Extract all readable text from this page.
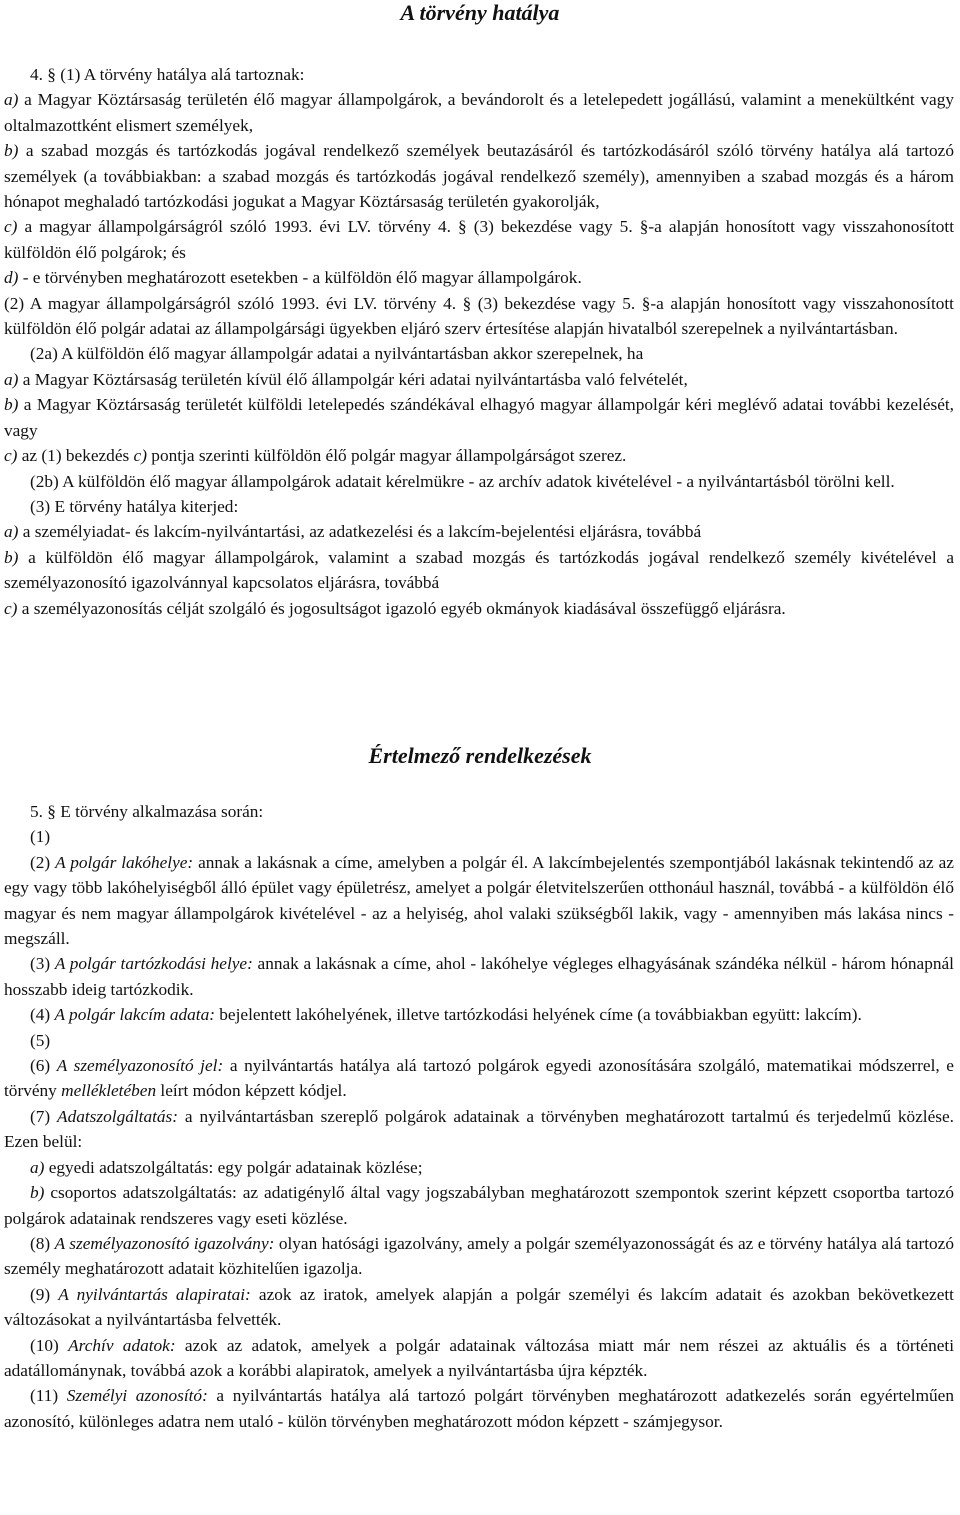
A törvény hatálya

4. § (1) A törvény hatálya alá tartoznak:

a) a Magyar Köztársaság területén élő magyar állampolgárok, a bevándorolt és a letelepedett jogállású, valamint a menekültként vagy oltalmazottként elismert személyek,

b) a szabad mozgás és tartózkodás jogával rendelkező személyek beutazásáról és tartózkodásáról szóló törvény hatálya alá tartozó személyek (a továbbiakban: a szabad mozgás és tartózkodás jogával rendelkező személy), amennyiben a szabad mozgás és a három hónapot meghaladó tartózkodási jogukat a Magyar Köztársaság területén gyakorolják,

c) a magyar állampolgárságról szóló 1993. évi LV. törvény 4. § (3) bekezdése vagy 5. §-a alapján honosított vagy visszahonosított külföldön élő polgárok; és

d) - e törvényben meghatározott esetekben - a külföldön élő magyar állampolgárok.

(2) A magyar állampolgárságról szóló 1993. évi LV. törvény 4. § (3) bekezdése vagy 5. §-a alapján honosított vagy visszahonosított külföldön élő polgár adatai az állampolgársági ügyekben eljáró szerv értesítése alapján hivatalból szerepelnek a nyilvántartásban.

(2a) A külföldön élő magyar állampolgár adatai a nyilvántartásban akkor szerepelnek, ha

a) a Magyar Köztársaság területén kívül élő állampolgár kéri adatai nyilvántartásba való felvételét,

b) a Magyar Köztársaság területét külföldi letelepedés szándékával elhagyó magyar állampolgár kéri meglévő adatai további kezelését, vagy

c) az (1) bekezdés c) pontja szerinti külföldön élő polgár magyar állampolgárságot szerez.

(2b) A külföldön élő magyar állampolgárok adatait kérelmükre - az archív adatok kivételével - a nyilvántartásból törölni kell.

(3) E törvény hatálya kiterjed:

a) a személyiadat- és lakcím-nyilvántartási, az adatkezelési és a lakcím-bejelentési eljárásra, továbbá

b) a külföldön élő magyar állampolgárok, valamint a szabad mozgás és tartózkodás jogával rendelkező személy kivételével a személyazonosító igazolvánnyal kapcsolatos eljárásra, továbbá

c) a személyazonosítás célját szolgáló és jogosultságot igazoló egyéb okmányok kiadásával összefüggő eljárásra.

Értelmező rendelkezések

5. § E törvény alkalmazása során:

(1)

(2) A polgár lakóhelye: annak a lakásnak a címe, amelyben a polgár él. A lakcímbejelentés szempontjából lakásnak tekintendő az az egy vagy több lakóhelyiségből álló épület vagy épületrész, amelyet a polgár életvitelszerűen otthonául használ, továbbá - a külföldön élő magyar és nem magyar állampolgárok kivételével - az a helyiség, ahol valaki szükségből lakik, vagy - amennyiben más lakása nincs - megszáll.

(3) A polgár tartózkodási helye: annak a lakásnak a címe, ahol - lakóhelye végleges elhagyásának szándéka nélkül - három hónapnál hosszabb ideig tartózkodik.

(4) A polgár lakcím adata: bejelentett lakóhelyének, illetve tartózkodási helyének címe (a továbbiakban együtt: lakcím).

(5)

(6) A személyazonosító jel: a nyilvántartás hatálya alá tartozó polgárok egyedi azonosítására szolgáló, matematikai módszerrel, e törvény mellékletében leírt módon képzett kódjel.

(7) Adatszolgáltatás: a nyilvántartásban szereplő polgárok adatainak a törvényben meghatározott tartalmú és terjedelmű közlése. Ezen belül:

a) egyedi adatszolgáltatás: egy polgár adatainak közlése;

b) csoportos adatszolgáltatás: az adatigénylő által vagy jogszabályban meghatározott szempontok szerint képzett csoportba tartozó polgárok adatainak rendszeres vagy eseti közlése.

(8) A személyazonosító igazolvány: olyan hatósági igazolvány, amely a polgár személyazonosságát és az e törvény hatálya alá tartozó személy meghatározott adatait közhitelűen igazolja.

(9) A nyilvántartás alapiratai: azok az iratok, amelyek alapján a polgár személyi és lakcím adatait és azokban bekövetkezett változásokat a nyilvántartásba felvették.

(10) Archív adatok: azok az adatok, amelyek a polgár adatainak változása miatt már nem részei az aktuális és a történeti adatállománynak, továbbá azok a korábbi alapiratok, amelyek a nyilvántartásba újra képzték.

(11) Személyi azonosító: a nyilvántartás hatálya alá tartozó polgárt törvényben meghatározott adatkezelés során egyértelműen azonosító, különleges adatra nem utaló - külön törvényben meghatározott módon képzett - számjegysor.
